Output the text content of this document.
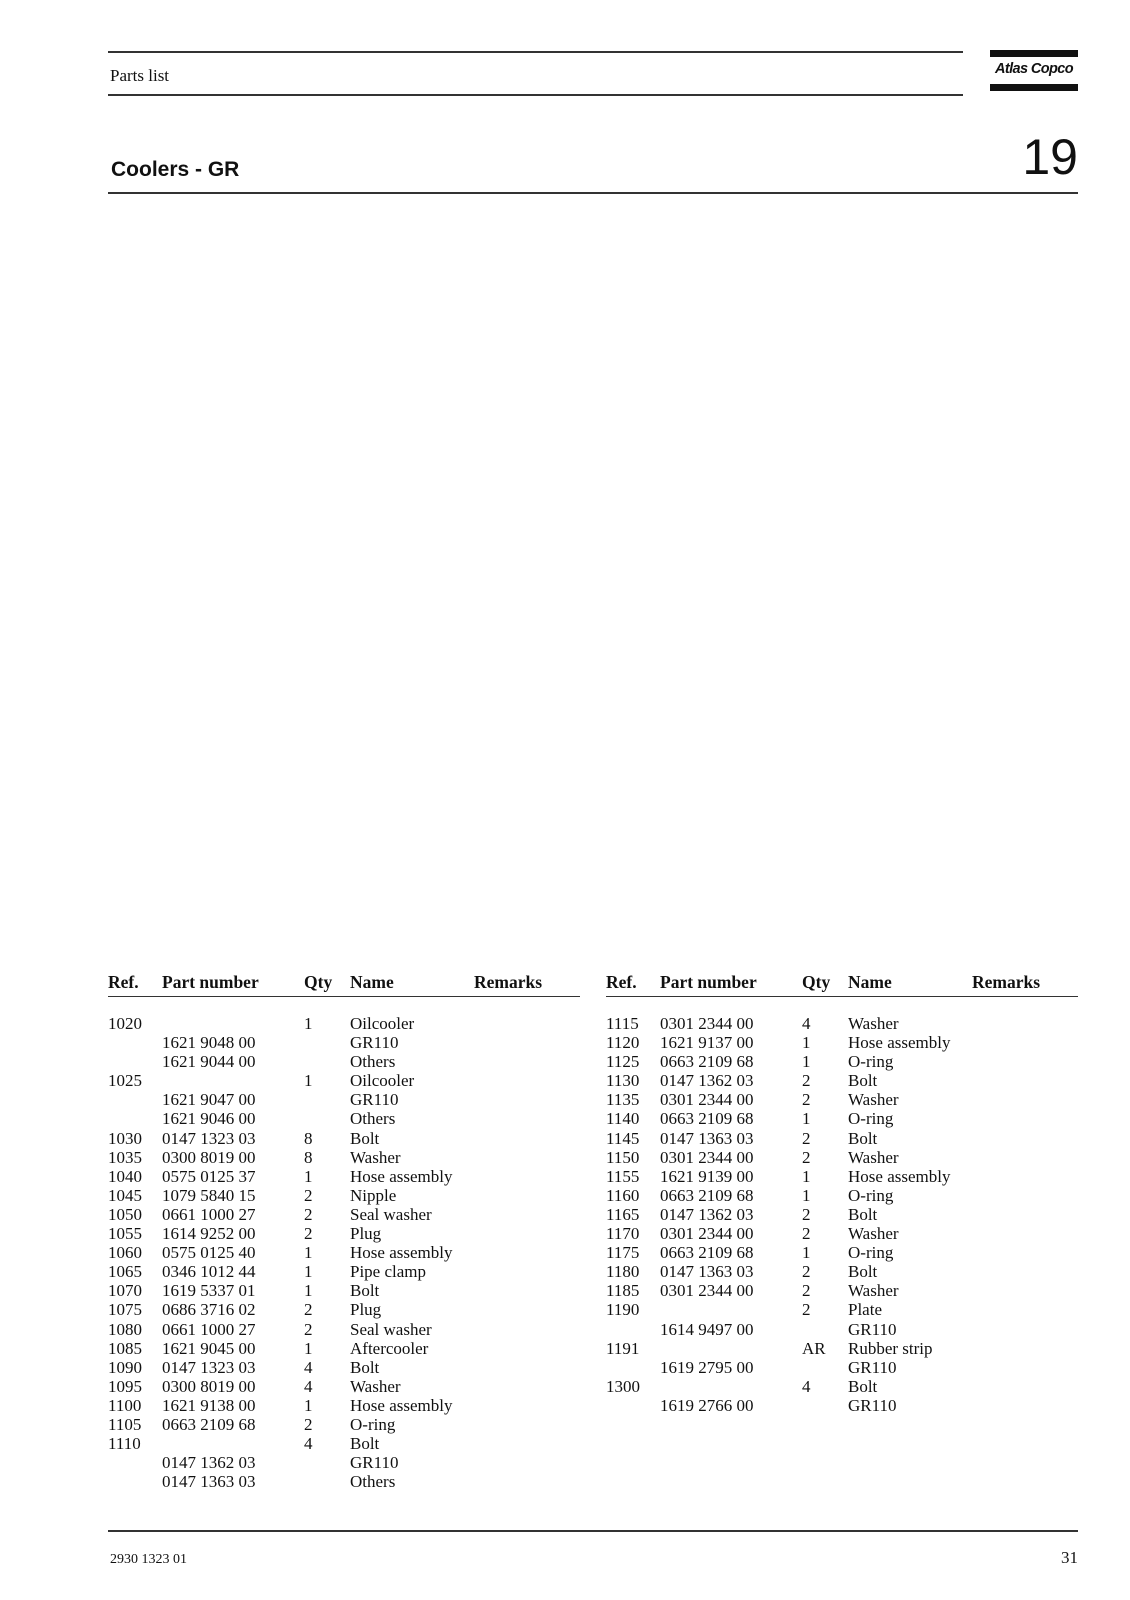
Parts list	Atlas Copco
Coolers - GR	19
Ref. Part number	Qty Name	Remarks
1020	1 Oilcooler
1621 9048 00	GR110
1621 9044 00	Others
1025	1 Oilcooler
1621 9047 00	GR110
1621 9046 00	Others
1030 0147 1323 03	8 Bolt
1035 0300 8019 00	8 Washer
1040 0575 0125 37	1 Hose assembly
1045 1079 5840 15	2 Nipple
1050 0661 1000 27	2 Seal washer
1055 1614 9252 00	2 Plug
1060 0575 0125 40	1 Hose assembly
1065 0346 1012 44	1 Pipe clamp
1070 1619 5337 01	1 Bolt
1075 0686 3716 02	2 Plug
1080 0661 1000 27	2 Seal washer
1085 1621 9045 00	1 Aftercooler
1090 0147 1323 03	4 Bolt
1095 0300 8019 00	4 Washer
1100 1621 9138 00	1 Hose assembly
1105 0663 2109 68	2 O-ring
1110	4 Bolt
0147 1362 03	GR110
0147 1363 03	Others
Ref. Part number	Qty Name	Remarks
1115 0301 2344 00	4 Washer
1120 1621 9137 00	1 Hose assembly
1125 0663 2109 68	1 O-ring
1130 0147 1362 03	2 Bolt
1135 0301 2344 00	2 Washer
1140 0663 2109 68	1 O-ring
1145 0147 1363 03	2 Bolt
1150 0301 2344 00	2 Washer
1155 1621 9139 00	1 Hose assembly
1160 0663 2109 68	1 O-ring
1165 0147 1362 03	2 Bolt
1170 0301 2344 00	2 Washer
1175 0663 2109 68	1 O-ring
1180 0147 1363 03	2 Bolt
1185 0301 2344 00	2 Washer
1190	2 Plate
1614 9497 00	GR110
1191	AR Rubber strip
1619 2795 00	GR110
1300	4 Bolt
1619 2766 00	GR110
2930 1323 01	31
